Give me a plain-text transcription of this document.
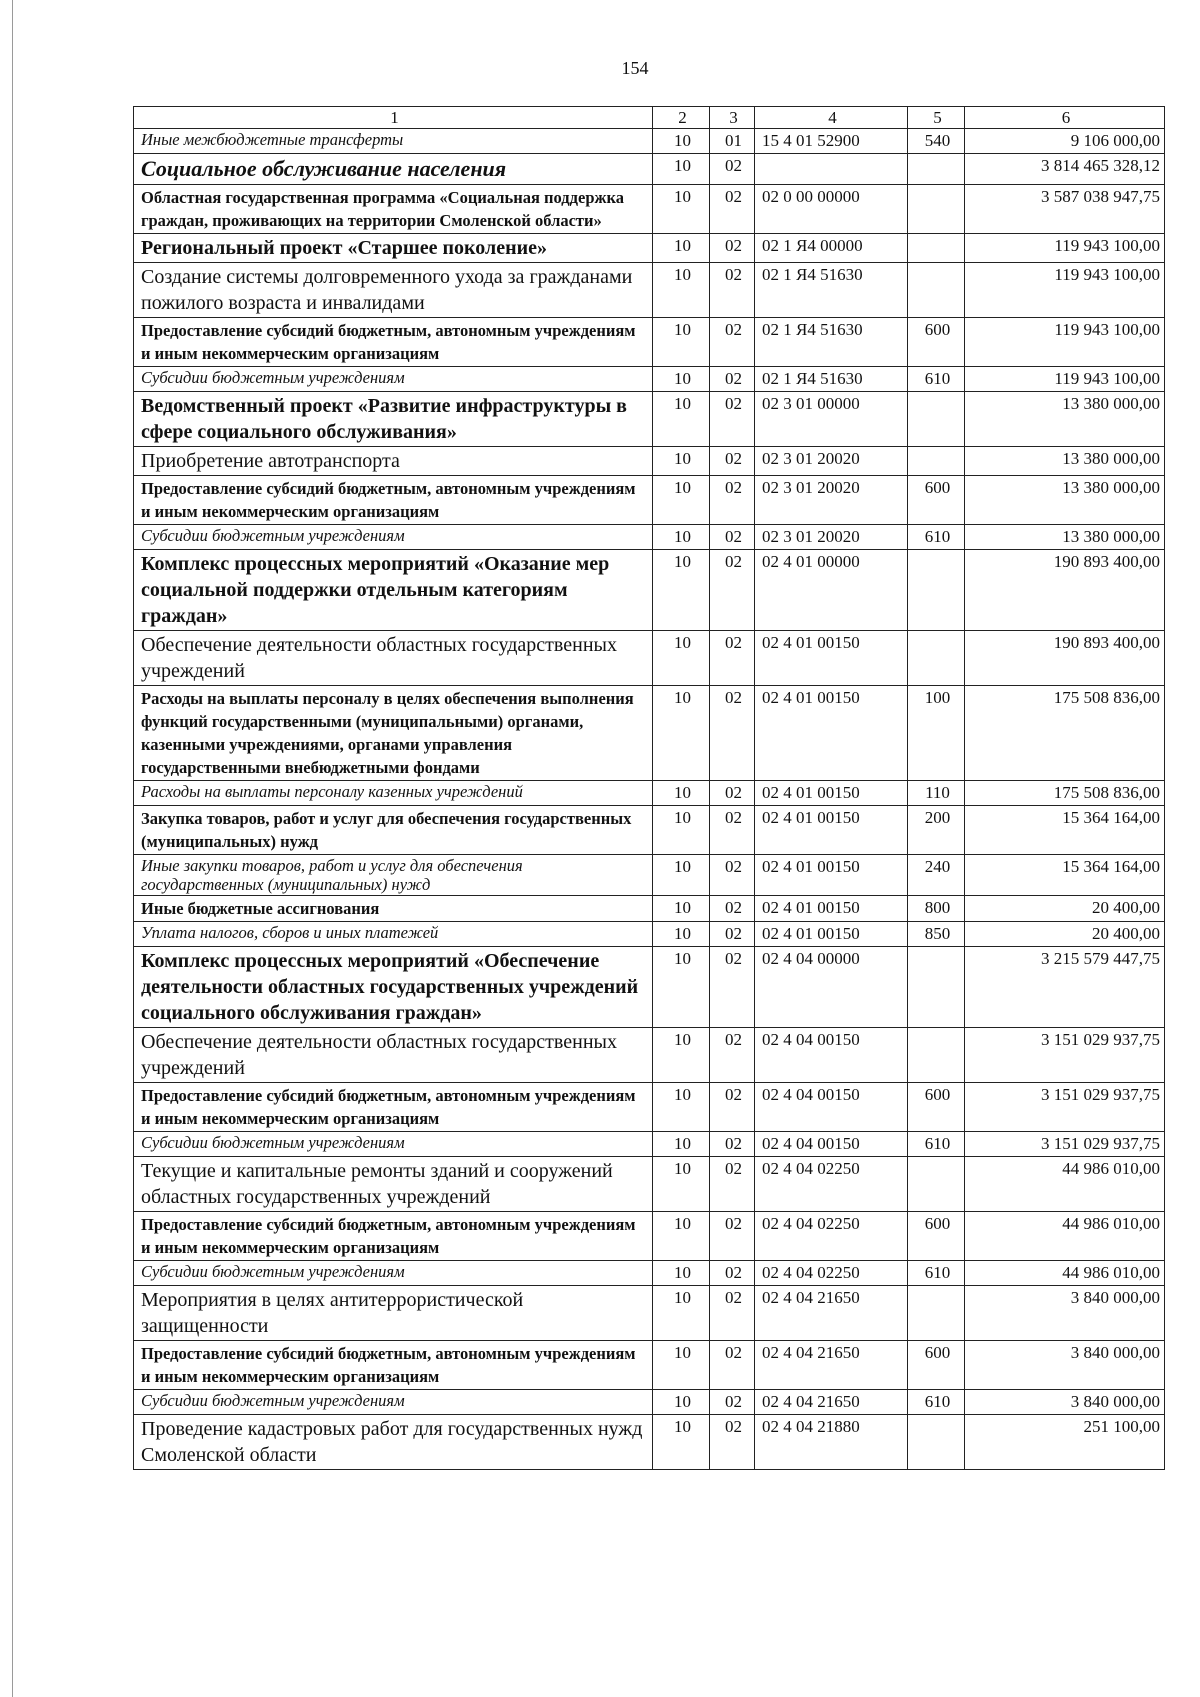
154
1	2	3	4	5	6
Иные межбюджетные трансферты	10	01	15 4 01 52900	540	9 106 000,00
Социальное обслуживание населения	10	02			3 814 465 328,12
Областная государственная программа «Социальная поддержка граждан, проживающих на территории Смоленской области»	10	02	02 0 00 00000		3 587 038 947,75
Региональный проект «Старшее поколение»	10	02	02 1 Я4 00000		119 943 100,00
Создание системы долговременного ухода за гражданами пожилого возраста и инвалидами	10	02	02 1 Я4 51630		119 943 100,00
Предоставление субсидий бюджетным, автономным учреждениям и иным некоммерческим организациям	10	02	02 1 Я4 51630	600	119 943 100,00
Субсидии бюджетным учреждениям	10	02	02 1 Я4 51630	610	119 943 100,00
Ведомственный проект «Развитие инфраструктуры в сфере социального обслуживания»	10	02	02 3 01 00000		13 380 000,00
Приобретение автотранспорта	10	02	02 3 01 20020		13 380 000,00
Предоставление субсидий бюджетным, автономным учреждениям и иным некоммерческим организациям	10	02	02 3 01 20020	600	13 380 000,00
Субсидии бюджетным учреждениям	10	02	02 3 01 20020	610	13 380 000,00
Комплекс процессных мероприятий «Оказание мер социальной поддержки отдельным категориям граждан»	10	02	02 4 01 00000		190 893 400,00
Обеспечение деятельности областных государственных учреждений	10	02	02 4 01 00150		190 893 400,00
Расходы на выплаты персоналу в целях обеспечения выполнения функций государственными (муниципальными) органами, казенными учреждениями, органами управления государственными внебюджетными фондами	10	02	02 4 01 00150	100	175 508 836,00
Расходы на выплаты персоналу казенных учреждений	10	02	02 4 01 00150	110	175 508 836,00
Закупка товаров, работ и услуг для обеспечения государственных (муниципальных) нужд	10	02	02 4 01 00150	200	15 364 164,00
Иные закупки товаров, работ и услуг для обеспечения государственных (муниципальных) нужд	10	02	02 4 01 00150	240	15 364 164,00
Иные бюджетные ассигнования	10	02	02 4 01 00150	800	20 400,00
Уплата налогов, сборов и иных платежей	10	02	02 4 01 00150	850	20 400,00
Комплекс процессных мероприятий «Обеспечение деятельности областных государственных учреждений социального обслуживания граждан»	10	02	02 4 04 00000		3 215 579 447,75
Обеспечение деятельности областных государственных учреждений	10	02	02 4 04 00150		3 151 029 937,75
Предоставление субсидий бюджетным, автономным учреждениям и иным некоммерческим организациям	10	02	02 4 04 00150	600	3 151 029 937,75
Субсидии бюджетным учреждениям	10	02	02 4 04 00150	610	3 151 029 937,75
Текущие и капитальные ремонты зданий и сооружений областных государственных учреждений	10	02	02 4 04 02250		44 986 010,00
Предоставление субсидий бюджетным, автономным учреждениям и иным некоммерческим организациям	10	02	02 4 04 02250	600	44 986 010,00
Субсидии бюджетным учреждениям	10	02	02 4 04 02250	610	44 986 010,00
Мероприятия в целях антитеррористической защищенности	10	02	02 4 04 21650		3 840 000,00
Предоставление субсидий бюджетным, автономным учреждениям и иным некоммерческим организациям	10	02	02 4 04 21650	600	3 840 000,00
Субсидии бюджетным учреждениям	10	02	02 4 04 21650	610	3 840 000,00
Проведение кадастровых работ для государственных нужд Смоленской области	10	02	02 4 04 21880		251 100,00
